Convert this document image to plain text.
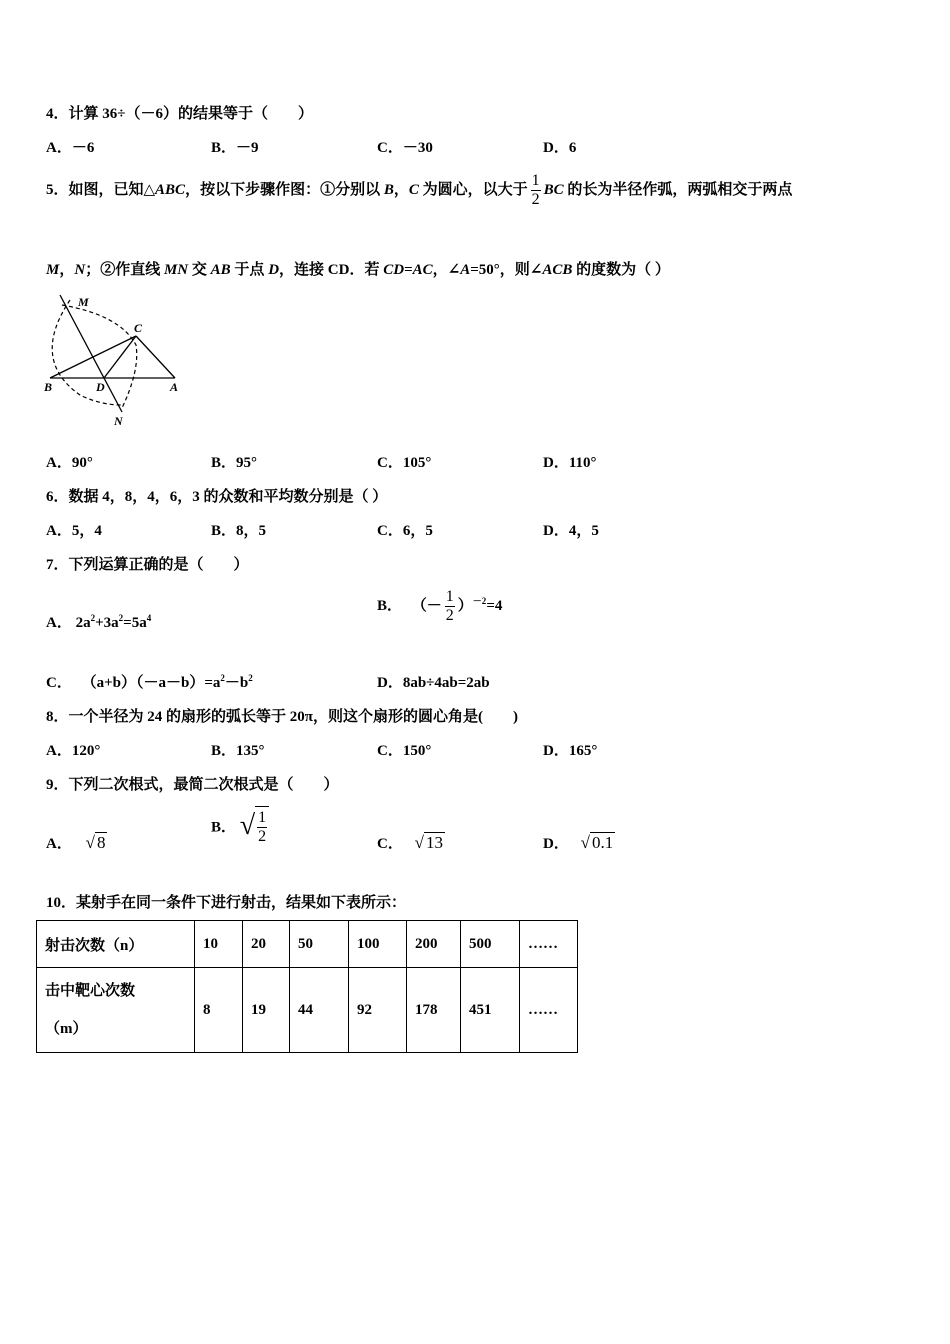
4．计算 36÷（－6）的结果等于（　　）
A．－6	B．－9	C．－30	D．6
5．如图，已知△ABC，按以下步骤作图：①分别以 B，C 为圆心，以大于 $\frac{1}{2}$ BC 的长为半径作弧，两弧相交于两点
M，N；②作直线 MN 交 AB 于点 D，连接 CD．若 CD=AC，∠A=50°，则∠ACB 的度数为（ ）
M
C
B	D	A
N
A．90°	B．95°	C．105°	D．110°
6．数据 4，8，4，6，3 的众数和平均数分别是（ ）
A．5，4	B．8，5	C．6，5	D．4，5
7．下列运算正确的是（　　）
A． $2a^2+3a^2=5a^4$
B． （－ $\frac{1}{2} )^{-2}=4$
C． $(a+b)(-a-b)=a^2-b^2$	D．8ab÷4ab=2ab
8．一个半径为 24 的扇形的弧长等于 20π，则这个扇形的圆心角是(　　)
A．120°	B．135°	C．150°	D．165°
9．下列二次根式，最简二次根式是（　　）
A． √ 8
B． √ $\frac{1}{2}$	C． √ 13	D． √ 0.1
10．某射手在同一条件下进行射击，结果如下表所示：
射击次数（n）	10	20	50	100	200	500	……

击中靶心次数
（m）	8	19	44	92	178	451	……
